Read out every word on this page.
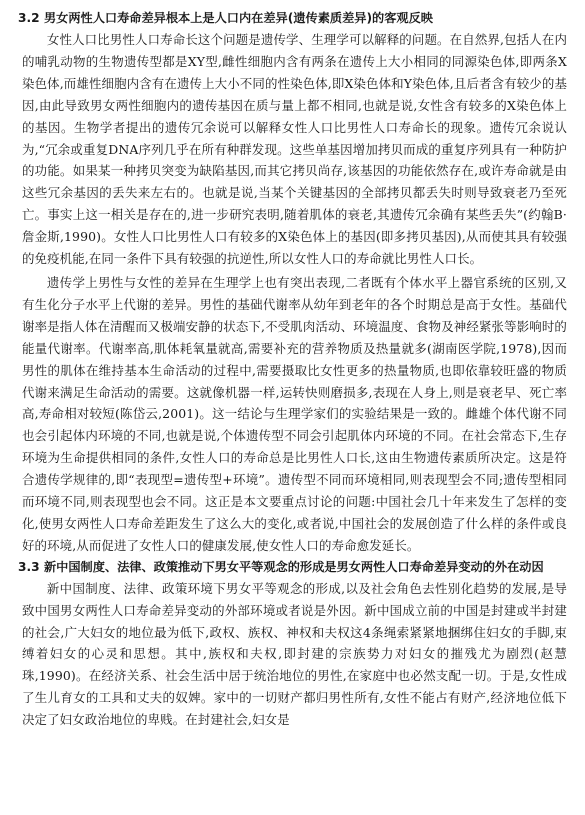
3.2 男女两性人口寿命差异根本上是人口内在差异(遗传素质差异)的客观反映

女性人口比男性人口寿命长这个问题是遗传学、生理学可以解释的问题。在自然界,包括人在内的哺乳动物的生物遗传型都是XY型,雌性细胞内含有两条在遗传上大小相同的同源染色体,即两条X染色体,而雄性细胞内含有在遗传上大小不同的性染色体,即X染色体和Y染色体,且后者含有较少的基因,由此导致男女两性细胞内的遗传基因在质与量上都不相同,也就是说,女性含有较多的X染色体上的基因。生物学者提出的遗传冗余说可以解释女性人口比男性人口寿命长的现象。遗传冗余说认为,“冗余或重复DNA序列几乎在所有种群发现。这些单基因增加拷贝而成的重复序列具有一种防护的功能。如果某一种拷贝突变为缺陷基因,而其它拷贝尚存,该基因的功能依然存在,或许寿命就是由这些冗余基因的丢失来左右的。也就是说,当某个关键基因的全部拷贝都丢失时则导致衰老乃至死亡。事实上这一相关是存在的,进一步研究表明,随着肌体的衰老,其遗传冗余确有某些丢失”(约翰B·詹金斯,1990)。女性人口比男性人口有较多的X染色体上的基因(即多拷贝基因),从而使其具有较强的免疫机能,在同一条件下具有较强的抗逆性,所以女性人口的寿命就比男性人口长。

遗传学上男性与女性的差异在生理学上也有突出表现,二者既有个体水平上器官系统的区别,又有生化分子水平上代谢的差异。男性的基础代谢率从幼年到老年的各个时期总是高于女性。基础代谢率是指人体在清醒而又极端安静的状态下,不受肌肉活动、环境温度、食物及神经紧张等影响时的能量代谢率。代谢率高,肌体耗氧量就高,需要补充的营养物质及热量就多(湖南医学院,1978),因而男性的肌体在维持基本生命活动的过程中,需要摄取比女性更多的热量物质,也即依靠较旺盛的物质代谢来满足生命活动的需要。这就像机器一样,运转快则磨损多,表现在人身上,则是衰老早、死亡率高,寿命相对较短(陈岱云,2001)。这一结论与生理学家们的实验结果是一致的。雌雄个体代谢不同也会引起体内环境的不同,也就是说,个体遗传型不同会引起肌体内环境的不同。在社会常态下,生存环境为生命提供相同的条件,女性人口的寿命总是比男性人口长,这由生物遗传素质所决定。这是符合遗传学规律的,即“表现型=遗传型+环境”。遗传型不同而环境相同,则表现型会不同;遗传型相同而环境不同,则表现型也会不同。这正是本文要重点讨论的问题:中国社会几十年来发生了怎样的变化,使男女两性人口寿命差距发生了这么大的变化,或者说,中国社会的发展创造了什么样的条件或良好的环境,从而促进了女性人口的健康发展,使女性人口的寿命愈发延长。

3.3 新中国制度、法律、政策推动下男女平等观念的形成是男女两性人口寿命差异变动的外在动因

新中国制度、法律、政策环境下男女平等观念的形成,以及社会角色去性别化趋势的发展,是导致中国男女两性人口寿命差异变动的外部环境或者说是外因。新中国成立前的中国是封建或半封建的社会,广大妇女的地位最为低下,政权、族权、神权和夫权这4条绳索紧紧地捆绑住妇女的手脚,束缚着妇女的心灵和思想。其中,族权和夫权,即封建的宗族势力对妇女的摧残尤为剧烈(赵慧珠,1990)。在经济关系、社会生活中居于统治地位的男性,在家庭中也必然支配一切。于是,女性成了生儿育女的工具和丈夫的奴婢。家中的一切财产都归男性所有,女性不能占有财产,经济地位低下决定了妇女政治地位的卑贱。在封建社会,妇女是
